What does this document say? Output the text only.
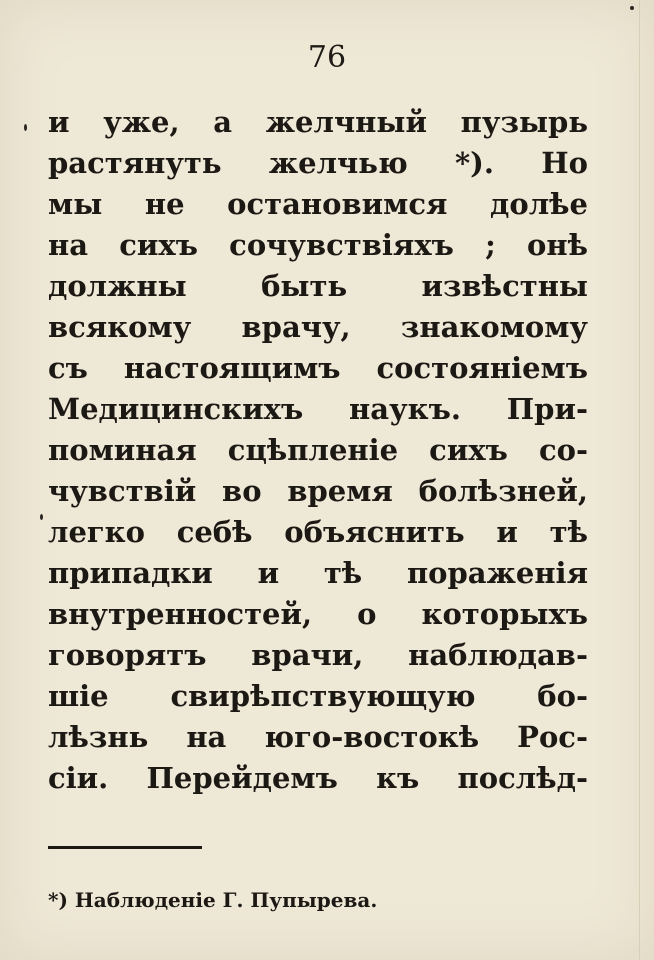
76
и уже, а желчный пузырь
растянуть желчью *). Но
мы не остановимся долѣе
на сихъ сочувствіяхъ ; онѣ
должны быть извѣстны
всякому врачу, знакомому
съ настоящимъ состояніемъ
Медицинскихъ наукъ. При-
поминая сцѣпленіе сихъ со-
чувствій во время болѣзней,
легко себѣ объяснить и тѣ
припадки и тѣ пораженія
внутренностей, о которыхъ
говорятъ врачи, наблюдав-
шіе свирѣпствующую бо-
лѣзнь на юго-востокѣ Рос-
сіи. Перейдемъ къ послѣд-
*) Наблюденіе Г. Пупырева.
